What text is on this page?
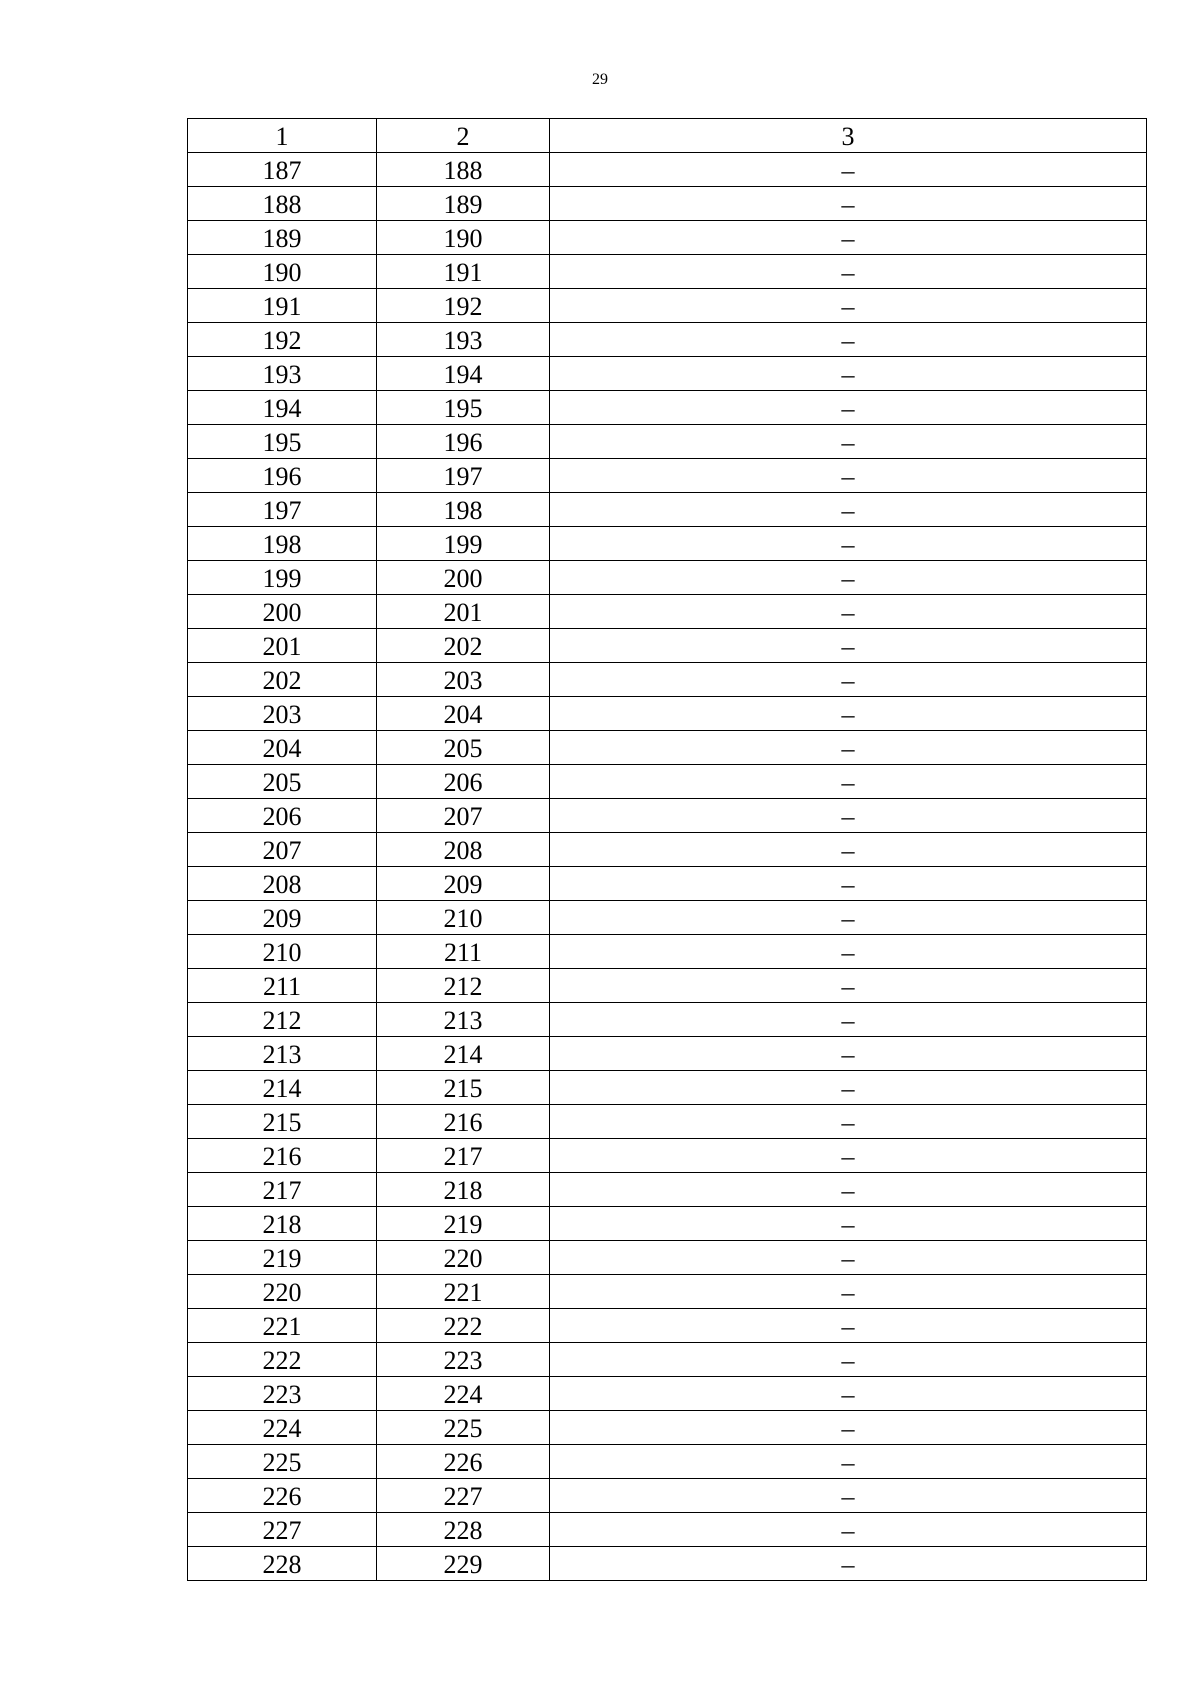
29
1	2	3
187	188	–
188	189	–
189	190	–
190	191	–
191	192	–
192	193	–
193	194	–
194	195	–
195	196	–
196	197	–
197	198	–
198	199	–
199	200	–
200	201	–
201	202	–
202	203	–
203	204	–
204	205	–
205	206	–
206	207	–
207	208	–
208	209	–
209	210	–
210	211	–
211	212	–
212	213	–
213	214	–
214	215	–
215	216	–
216	217	–
217	218	–
218	219	–
219	220	–
220	221	–
221	222	–
222	223	–
223	224	–
224	225	–
225	226	–
226	227	–
227	228	–
228	229	–
